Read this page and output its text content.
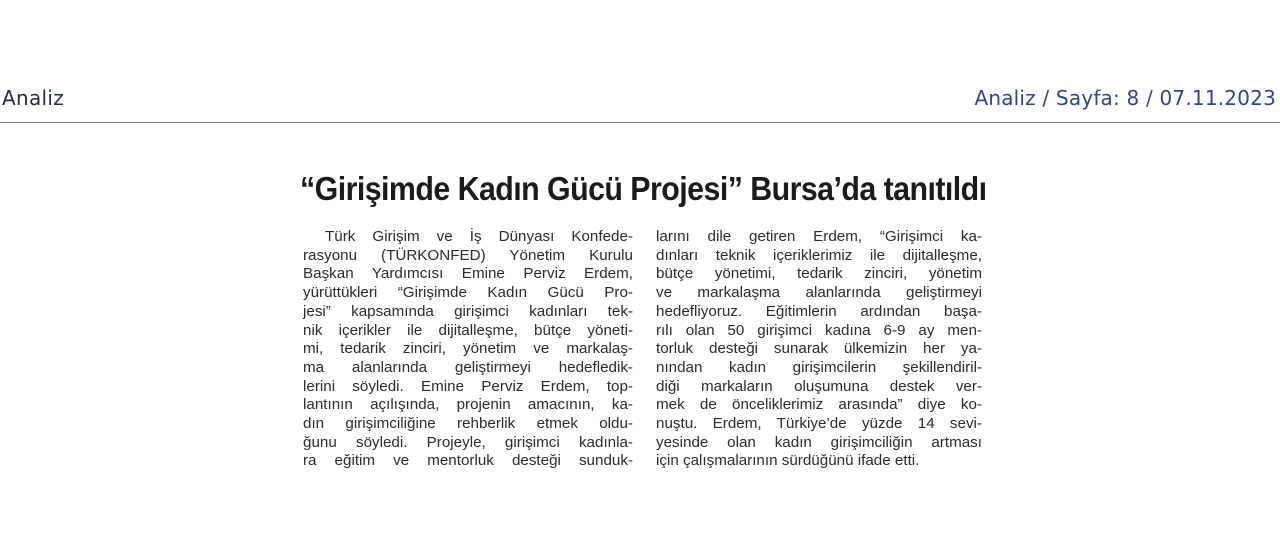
Analiz	Analiz / Sayfa: 8 / 07.11.2023
“Girişimde Kadın Gücü Projesi” Bursa’da tanıtıldı
Türk Girişim ve İş Dünyası Konfede-
rasyonu (TÜRKONFED) Yönetim Kurulu
Başkan Yardımcısı Emine Perviz Erdem,
yürüttükleri “Girişimde Kadın Gücü Pro-
jesi” kapsamında girişimci kadınları tek-
nik içerikler ile dijitalleşme, bütçe yöneti-
mi, tedarik zinciri, yönetim ve markalaş-
ma alanlarında geliştirmeyi hedefledik-
lerini söyledi. Emine Perviz Erdem, top-
lantının açılışında, projenin amacının, ka-
dın girişimciliğine rehberlik etmek oldu-
ğunu söyledi. Projeyle, girişimci kadınla-
ra eğitim ve mentorluk desteği sunduk-
larını dile getiren Erdem, “Girişimci ka-
dınları teknik içeriklerimiz ile dijitalleşme,
bütçe yönetimi, tedarik zinciri, yönetim
ve markalaşma alanlarında geliştirmeyi
hedefliyoruz. Eğitimlerin ardından başa-
rılı olan 50 girişimci kadına 6-9 ay men-
torluk desteği sunarak ülkemizin her ya-
nından kadın girişimcilerin şekillendiril-
diği markaların oluşumuna destek ver-
mek de önceliklerimiz arasında” diye ko-
nuştu. Erdem, Türkiye’de yüzde 14 sevi-
yesinde olan kadın girişimciliğin artması
için çalışmalarının sürdüğünü ifade etti.
